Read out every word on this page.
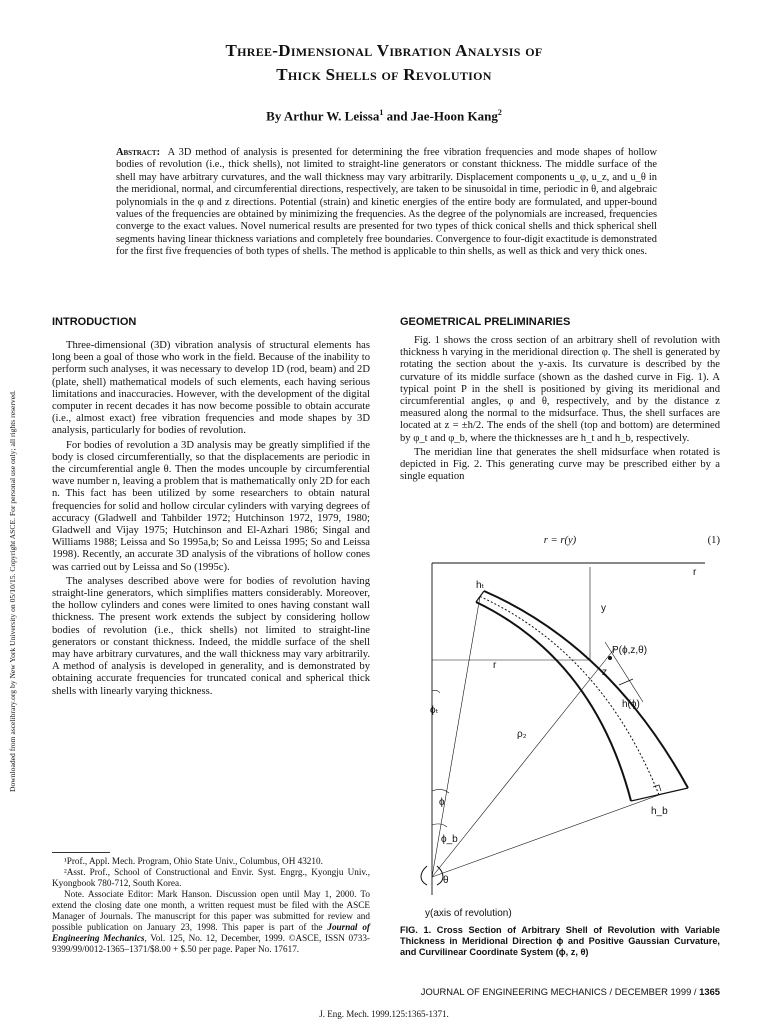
Three-Dimensional Vibration Analysis of
Thick Shells of Revolution
By Arthur W. Leissa$^1$ and Jae-Hoon Kang$^2$
Abstract: A 3D method of analysis is presented for determining the free vibration frequencies and mode shapes of hollow bodies of revolution (i.e., thick shells), not limited to straight-line generators or constant thickness. The middle surface of the shell may have arbitrary curvatures, and the wall thickness may vary arbitrarily. Displacement components u_φ, u_z, and u_θ in the meridional, normal, and circumferential directions, respectively, are taken to be sinusoidal in time, periodic in θ, and algebraic polynomials in the φ and z directions. Potential (strain) and kinetic energies of the entire body are formulated, and upper-bound values of the frequencies are obtained by minimizing the frequencies. As the degree of the polynomials are increased, frequencies converge to the exact values. Novel numerical results are presented for two types of thick conical shells and thick spherical shell segments having linear thickness variations and completely free boundaries. Convergence to four-digit exactitude is demonstrated for the first five frequencies of both types of shells. The method is applicable to thin shells, as well as thick and very thick ones.
Downloaded from ascelibrary.org by New York University on 05/10/15. Copyright ASCE. For personal use only; all rights reserved.
INTRODUCTION

Three-dimensional (3D) vibration analysis of structural elements has long been a goal of those who work in the field. Because of the inability to perform such analyses, it was necessary to develop 1D (rod, beam) and 2D (plate, shell) mathematical models of such elements, each having serious limitations and inaccuracies. However, with the development of the digital computer in recent decades it has now become possible to obtain accurate (i.e., almost exact) free vibration frequencies and mode shapes by 3D analysis, particularly for bodies of revolution.

For bodies of revolution a 3D analysis may be greatly simplified if the body is closed circumferentially, so that the displacements are periodic in the circumferential angle θ. Then the modes uncouple by circumferential wave number n, leaving a problem that is mathematically only 2D for each n. This fact has been utilized by some researchers to obtain natural frequencies for solid and hollow circular cylinders with varying degrees of accuracy (Gladwell and Tahbilder 1972; Hutchinson 1972, 1979, 1980; Gladwell and Vijay 1975; Hutchinson and El-Azhari 1986; Singal and Williams 1988; Leissa and So 1995a,b; So and Leissa 1995; So and Leissa 1998). Recently, an accurate 3D analysis of the vibrations of hollow cones was carried out by Leissa and So (1995c).

The analyses described above were for bodies of revolution having straight-line generators, which simplifies matters considerably. Moreover, the hollow cylinders and cones were limited to ones having constant wall thickness. The present work extends the subject by considering hollow bodies of revolution (i.e., thick shells) not limited to straight-line generators or constant thickness. Indeed, the middle surface of the shell may have arbitrary curvatures, and the wall thickness may vary arbitrarily. A method of analysis is developed in generality, and is demonstrated by obtaining accurate frequencies for truncated conical and spherical thick shells with linearly varying thickness.

¹Prof., Appl. Mech. Program, Ohio State Univ., Columbus, OH 43210.

²Asst. Prof., School of Constructional and Envir. Syst. Engrg., Kyongju Univ., Kyongbook 780-712, South Korea.

Note. Associate Editor: Mark Hanson. Discussion open until May 1, 2000. To extend the closing date one month, a written request must be filed with the ASCE Manager of Journals. The manuscript for this paper was submitted for review and possible publication on January 23, 1998. This paper is part of the Journal of Engineering Mechanics, Vol. 125, No. 12, December, 1999. ©ASCE, ISSN 0733-9399/99/0012-1365–1371/$8.00 + $.50 per page. Paper No. 17617.

GEOMETRICAL PRELIMINARIES

Fig. 1 shows the cross section of an arbitrary shell of revolution with thickness h varying in the meridional direction φ. The shell is generated by rotating the section about the y-axis. Its curvature is described by the curvature of its middle surface (shown as the dashed curve in Fig. 1). A typical point P in the shell is positioned by giving its meridional and circumferential angles, φ and θ, respectively, and by the distance z measured along the normal to the midsurface. Thus, the shell surfaces are located at z = ±h/2. The ends of the shell (top and bottom) are determined by φ_t and φ_b, where the thicknesses are h_t and h_b, respectively.

The meridian line that generates the shell midsurface when rotated is depicted in Fig. 2. This generating curve may be prescribed either by a single equation

r = r(y)	(1)
r
hₜ
y
P(ϕ,z,θ)
z
r
h(ϕ)
ϕₜ
ρ₂
ϕ
ϕ_b
h_b
θ
y(axis of revolution)
FIG. 1. Cross Section of Arbitrary Shell of Revolution with Variable Thickness in Meridional Direction ϕ and Positive Gaussian Curvature, and Curvilinear Coordinate System (ϕ, z, θ)
JOURNAL OF ENGINEERING MECHANICS / DECEMBER 1999 / 1365
J. Eng. Mech. 1999.125:1365-1371.
